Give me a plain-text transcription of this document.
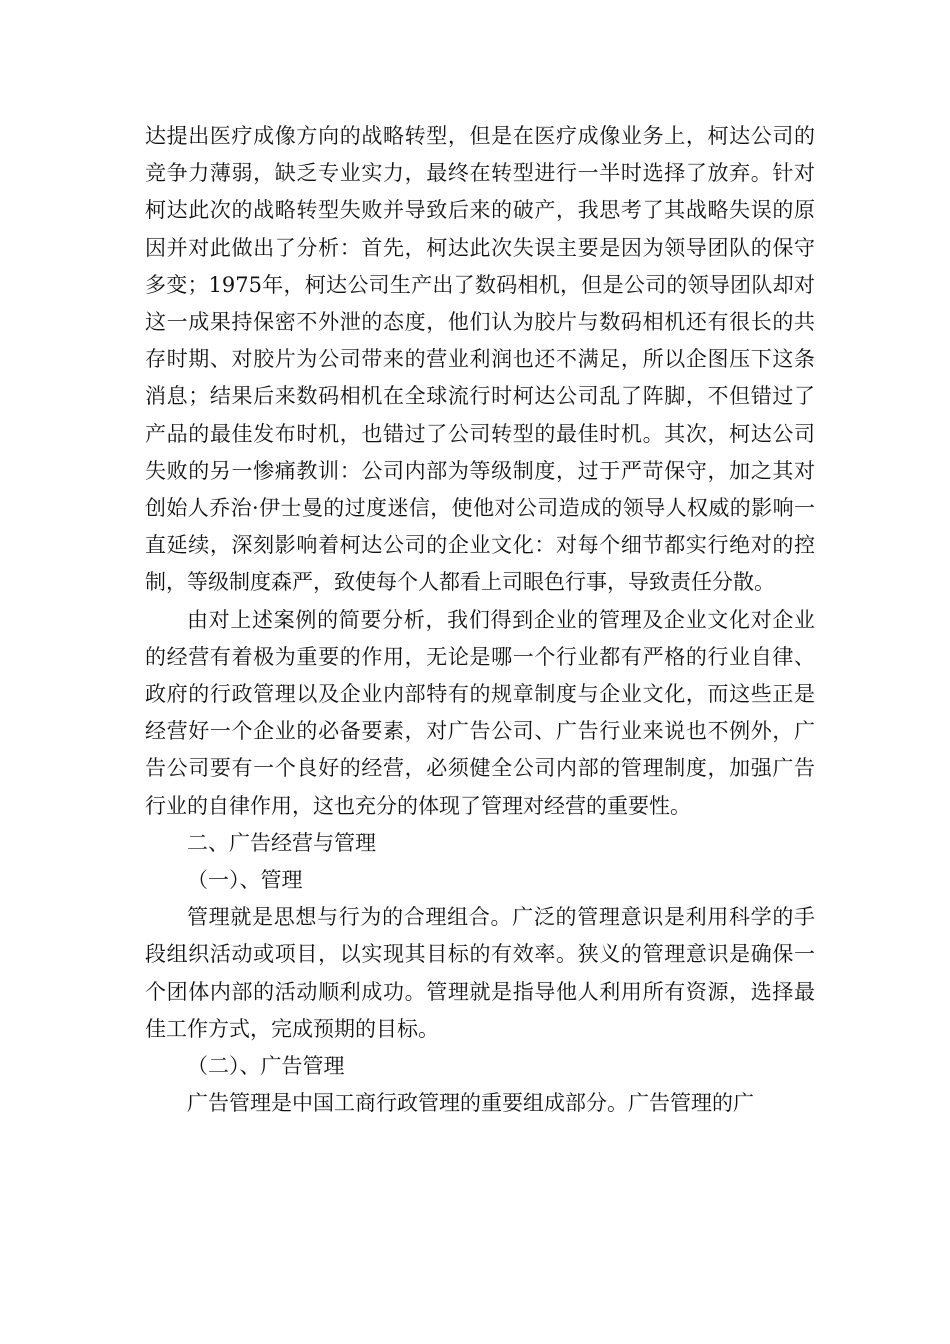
达提出医疗成像方向的战略转型，但是在医疗成像业务上，柯达公司的竞争力薄弱，缺乏专业实力，最终在转型进行一半时选择了放弃。针对柯达此次的战略转型失败并导致后来的破产，我思考了其战略失误的原因并对此做出了分析：首先，柯达此次失误主要是因为领导团队的保守多变；1975年，柯达公司生产出了数码相机，但是公司的领导团队却对这一成果持保密不外泄的态度，他们认为胶片与数码相机还有很长的共存时期、对胶片为公司带来的营业利润也还不满足，所以企图压下这条消息；结果后来数码相机在全球流行时柯达公司乱了阵脚，不但错过了产品的最佳发布时机，也错过了公司转型的最佳时机。其次，柯达公司失败的另一惨痛教训：公司内部为等级制度，过于严苛保守，加之其对创始人乔治·伊士曼的过度迷信，使他对公司造成的领导人权威的影响一直延续，深刻影响着柯达公司的企业文化：对每个细节都实行绝对的控制，等级制度森严，致使每个人都看上司眼色行事，导致责任分散。

由对上述案例的简要分析，我们得到企业的管理及企业文化对企业的经营有着极为重要的作用，无论是哪一个行业都有严格的行业自律、政府的行政管理以及企业内部特有的规章制度与企业文化，而这些正是经营好一个企业的必备要素，对广告公司、广告行业来说也不例外，广告公司要有一个良好的经营，必须健全公司内部的管理制度，加强广告行业的自律作用，这也充分的体现了管理对经营的重要性。

二、广告经营与管理

（一）、管理

管理就是思想与行为的合理组合。广泛的管理意识是利用科学的手段组织活动或项目，以实现其目标的有效率。狭义的管理意识是确保一个团体内部的活动顺利成功。管理就是指导他人利用所有资源，选择最佳工作方式，完成预期的目标。

（二）、广告管理

广告管理是中国工商行政管理的重要组成部分。广告管理的广
